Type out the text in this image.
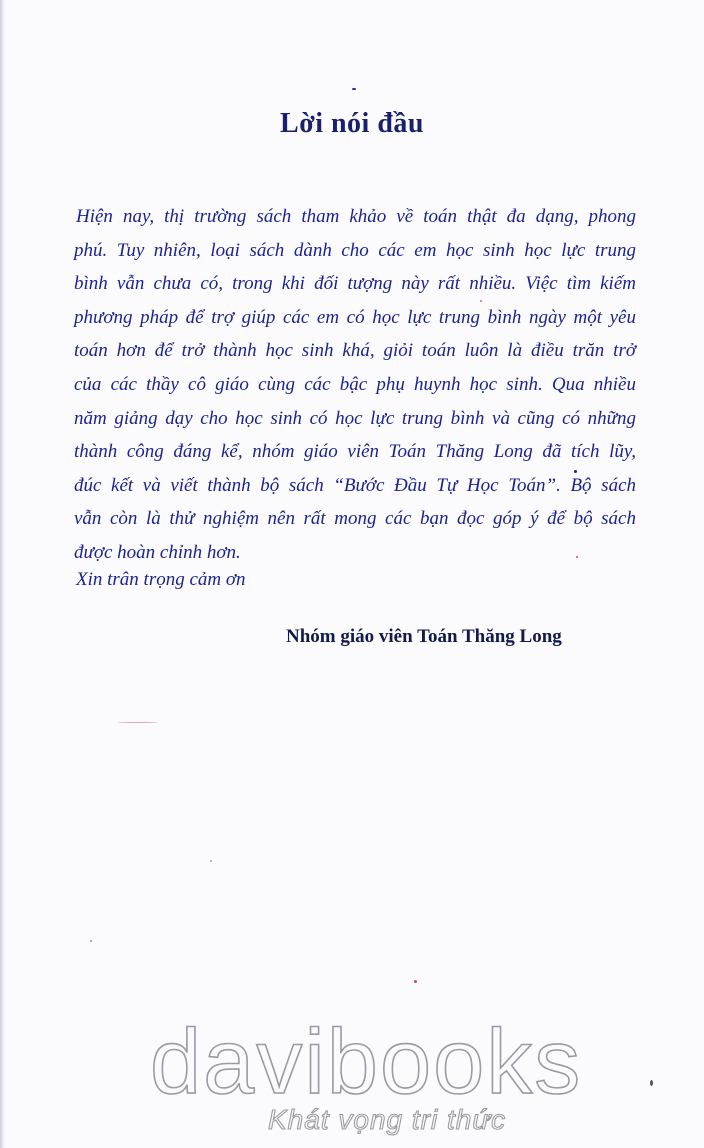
Lời nói đầu
Hiện nay, thị trường sách tham khảo về toán thật đa dạng, phong
phú. Tuy nhiên, loại sách dành cho các em học sinh học lực trung
bình vẫn chưa có, trong khi đối tượng này rất nhiều. Việc tìm kiếm
phương pháp để trợ giúp các em có học lực trung bình ngày một yêu
toán hơn để trở thành học sinh khá, giỏi toán luôn là điều trăn trở
của các thầy cô giáo cùng các bậc phụ huynh học sinh. Qua nhiều
năm giảng dạy cho học sinh có học lực trung bình và cũng có những
thành công đáng kể, nhóm giáo viên Toán Thăng Long đã tích lũy,
đúc kết và viết thành bộ sách “Bước Đầu Tự Học Toán”. Bộ sách
vẫn còn là thử nghiệm nên rất mong các bạn đọc góp ý để bộ sách
được hoàn chỉnh hơn.
Xin trân trọng cảm ơn
Nhóm giáo viên Toán Thăng Long
davibooks
Khát vọng tri thức
